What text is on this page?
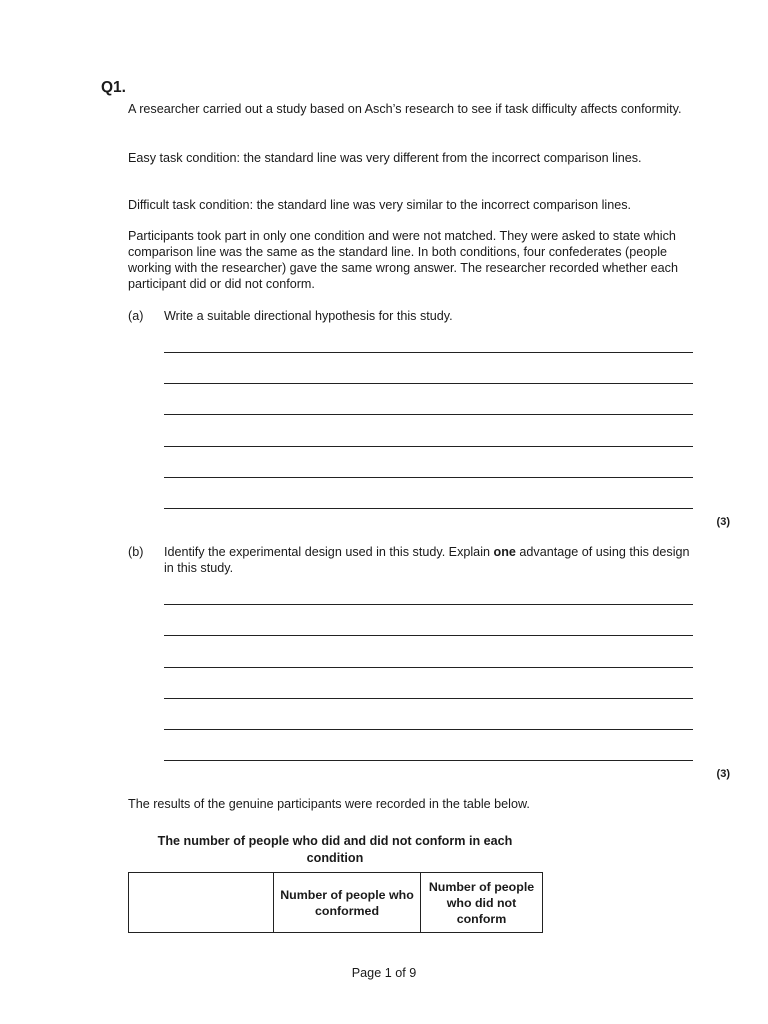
Q1.

A researcher carried out a study based on Asch’s research to see if task difficulty affects conformity.

Easy task condition: the standard line was very different from the incorrect comparison lines.

Difficult task condition: the standard line was very similar to the incorrect comparison lines.

Participants took part in only one condition and were not matched. They were asked to state which comparison line was the same as the standard line. In both conditions, four confederates (people working with the researcher) gave the same wrong answer. The researcher recorded whether each participant did or did not conform.

(a) Write a suitable directional hypothesis for this study.
(3)
(b) Identify the experimental design used in this study. Explain one advantage of using this design in this study.
(3)

The results of the genuine participants were recorded in the table below.

The number of people who did and did not conform in each condition
	Number of people who conformed	Number of people who did not conform
Page 1 of 9
